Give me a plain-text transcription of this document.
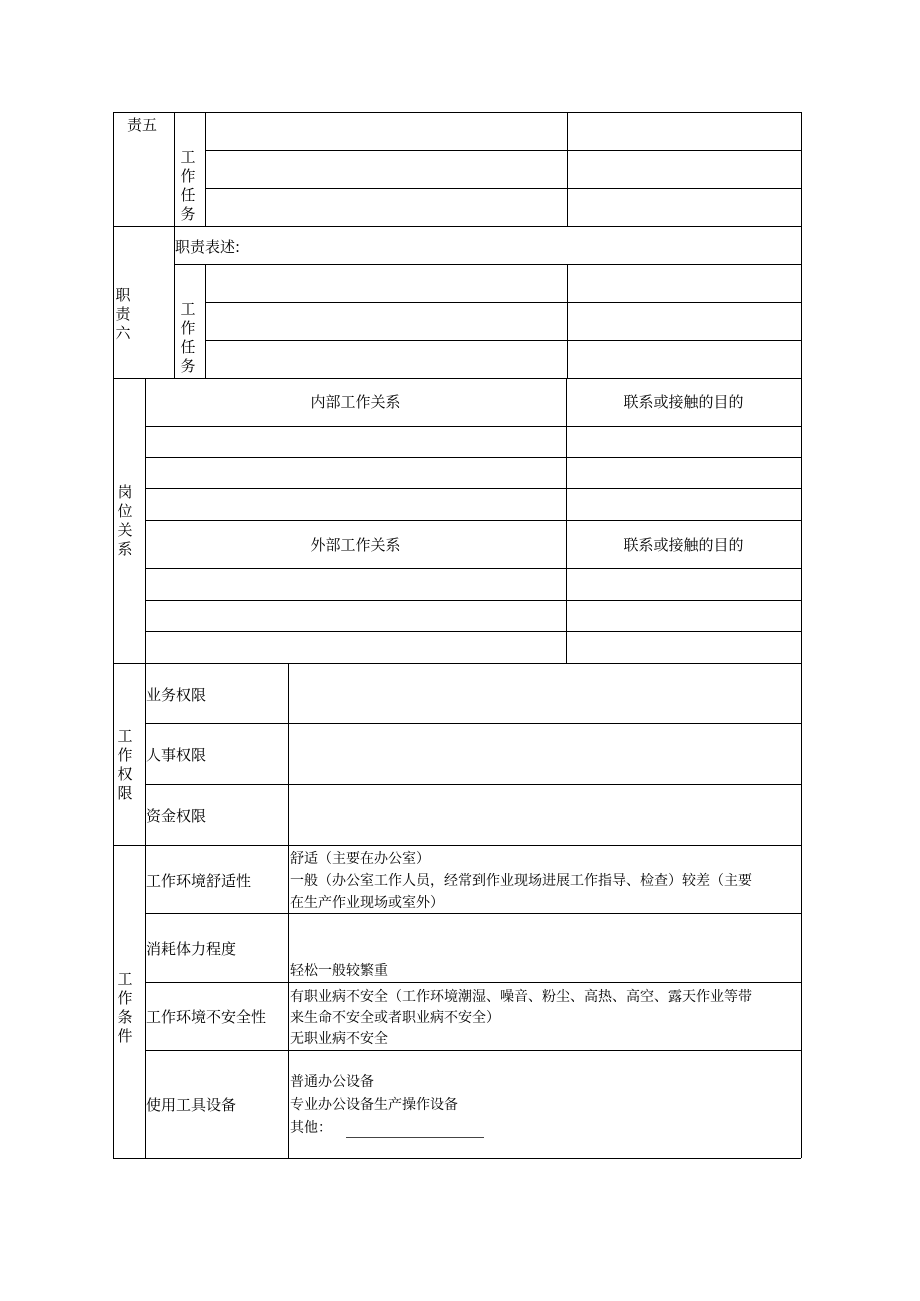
责五
工作任务
职责六
职责表述:
工作任务
岗位关系
内部工作关系	联系或接触的目的
外部工作关系	联系或接触的目的
工作权限
业务权限
人事权限
资金权限
工作条件
工作环境舒适性
舒适（主要在办公室）
一般（办公室工作人员，经常到作业现场进展工作指导、检查）较差（主要
在生产作业现场或室外）
消耗体力程度
轻松一般较繁重
工作环境不安全性
有职业病不安全（工作环境潮湿、噪音、粉尘、高热、高空、露天作业等带
来生命不安全或者职业病不安全）
无职业病不安全
使用工具设备
普通办公设备
专业办公设备生产操作设备
其他：
